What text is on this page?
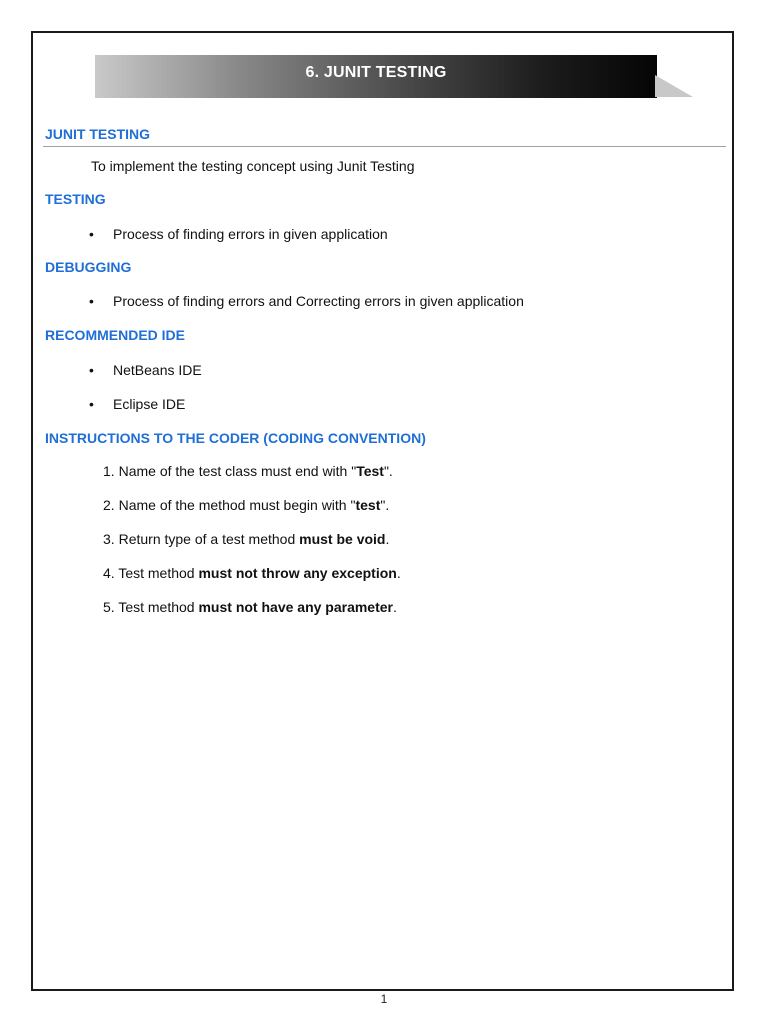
6. JUNIT TESTING
JUNIT TESTING
To implement the testing concept using Junit Testing
TESTING
• Process of finding errors in given application
DEBUGGING
• Process of finding errors and Correcting errors in given application
RECOMMENDED IDE
• NetBeans IDE
• Eclipse IDE
INSTRUCTIONS TO THE CODER (CODING CONVENTION)
1. Name of the test class must end with "Test".
2. Name of the method must begin with "test".
3. Return type of a test method must be void.
4. Test method must not throw any exception.
5. Test method must not have any parameter.
1
